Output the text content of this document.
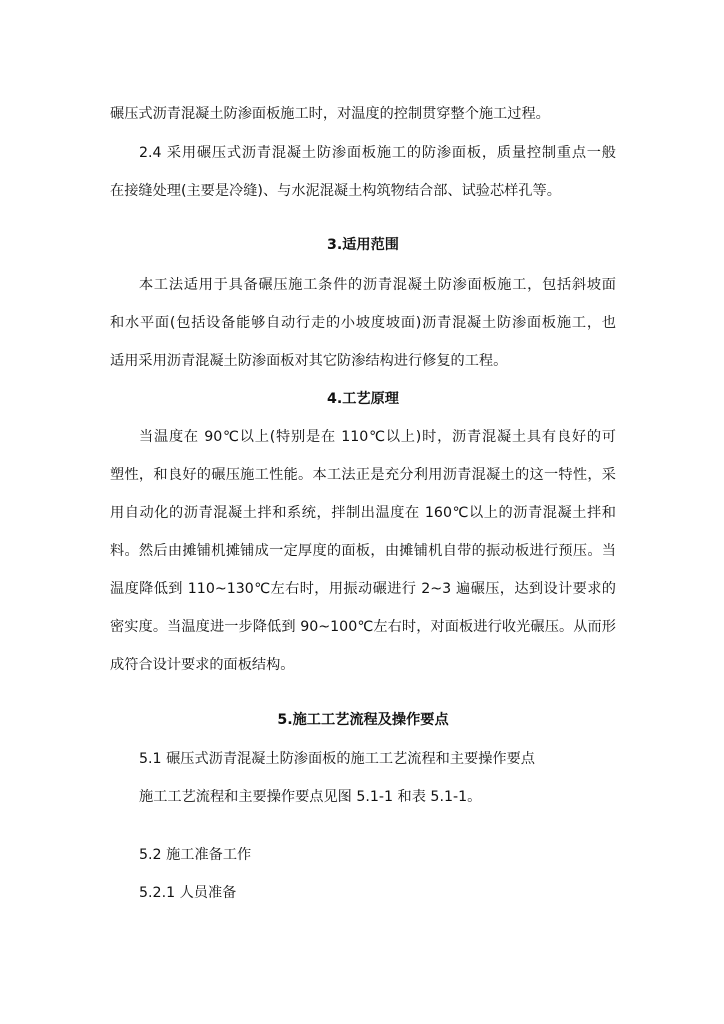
碾压式沥青混凝土防渗面板施工时，对温度的控制贯穿整个施工过程。
2.4 采用碾压式沥青混凝土防渗面板施工的防渗面板，质量控制重点一般
在接缝处理(主要是冷缝)、与水泥混凝土构筑物结合部、试验芯样孔等。
3.适用范围
本工法适用于具备碾压施工条件的沥青混凝土防渗面板施工，包括斜坡面
和水平面(包括设备能够自动行走的小坡度坡面)沥青混凝土防渗面板施工，也
适用采用沥青混凝土防渗面板对其它防渗结构进行修复的工程。
4.工艺原理
当温度在 90℃以上(特别是在 110℃以上)时，沥青混凝土具有良好的可
塑性，和良好的碾压施工性能。本工法正是充分利用沥青混凝土的这一特性，采
用自动化的沥青混凝土拌和系统，拌制出温度在 160℃以上的沥青混凝土拌和
料。然后由摊铺机摊铺成一定厚度的面板，由摊铺机自带的振动板进行预压。当
温度降低到 110~130℃左右时，用振动碾进行 2~3 遍碾压，达到设计要求的
密实度。当温度进一步降低到 90~100℃左右时，对面板进行收光碾压。从而形
成符合设计要求的面板结构。
5.施工工艺流程及操作要点
5.1 碾压式沥青混凝土防渗面板的施工工艺流程和主要操作要点
施工工艺流程和主要操作要点见图 5.1-1 和表 5.1-1。
5.2 施工准备工作
5.2.1 人员准备
